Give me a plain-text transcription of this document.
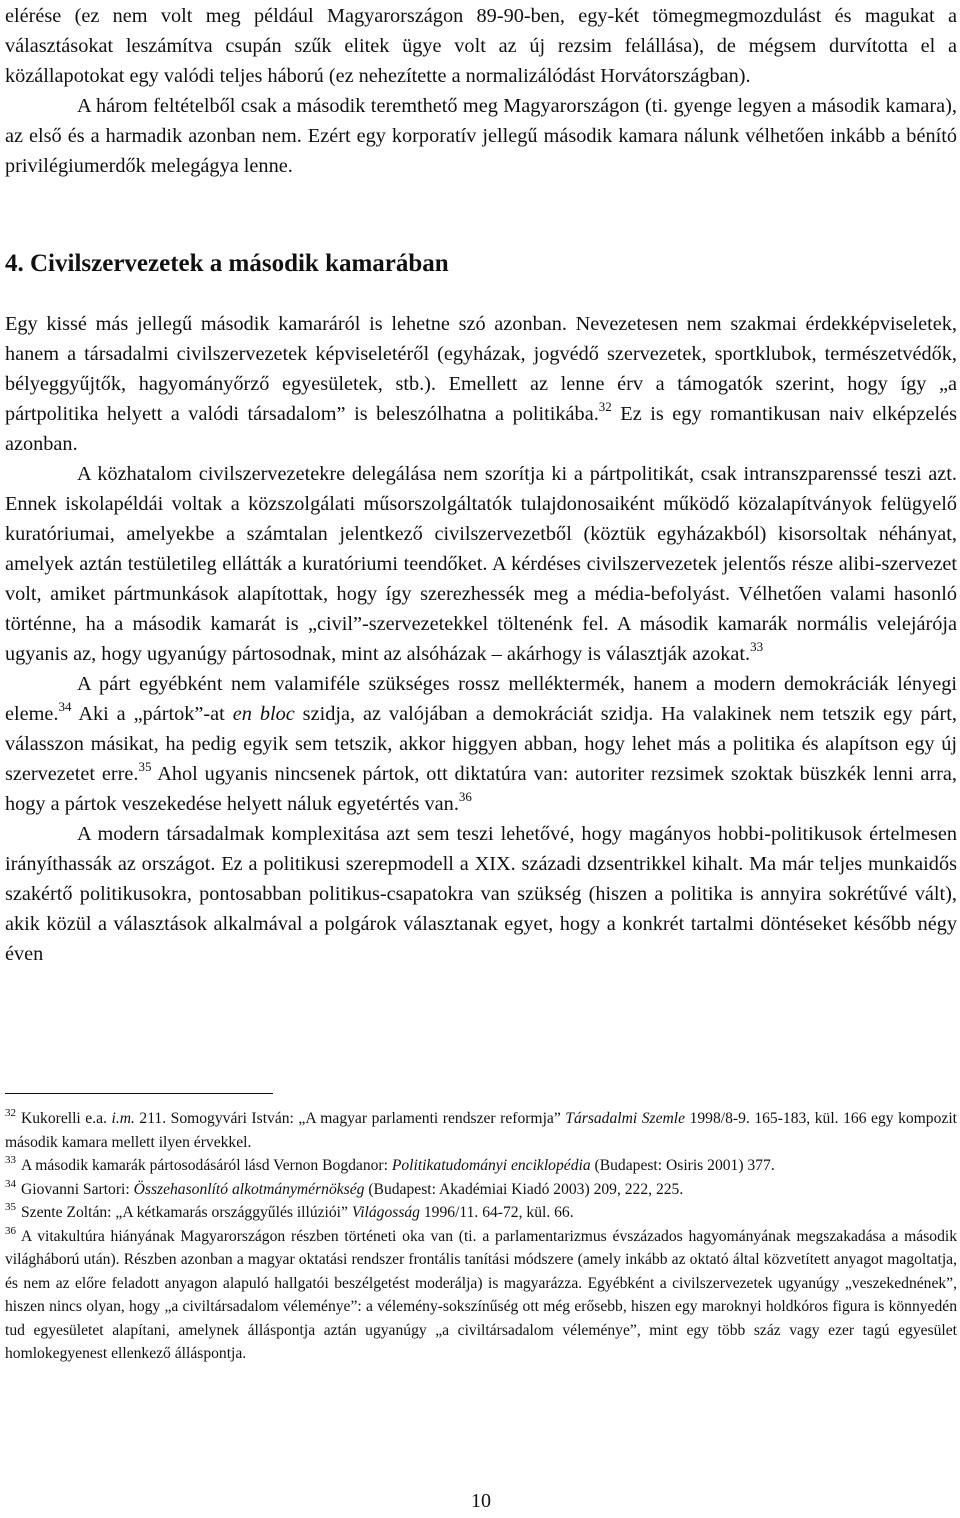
elérése (ez nem volt meg például Magyarországon 89-90-ben, egy-két tömegmegmozdulást és magukat a választásokat leszámítva csupán szűk elitek ügye volt az új rezsim felállása), de mégsem durvította el a közállapotokat egy valódi teljes háború (ez nehezítette a normalizálódást Horvátországban).

A három feltételből csak a második teremthető meg Magyarországon (ti. gyenge legyen a második kamara), az első és a harmadik azonban nem. Ezért egy korporatív jellegű második kamara nálunk vélhetően inkább a bénító privilégiumerdők melegágya lenne.

4. Civilszervezetek a második kamarában

Egy kissé más jellegű második kamaráról is lehetne szó azonban. Nevezetesen nem szakmai érdekképviseletek, hanem a társadalmi civilszervezetek képviseletéről (egyházak, jogvédő szervezetek, sportklubok, természetvédők, bélyeggyűjtők, hagyományőrző egyesületek, stb.). Emellett az lenne érv a támogatók szerint, hogy így „a pártpolitika helyett a valódi társadalom” is beleszólhatna a politikába.$^{32}$ Ez is egy romantikusan naiv elképzelés azonban.

A közhatalom civilszervezetekre delegálása nem szorítja ki a pártpolitikát, csak intranszparenssé teszi azt. Ennek iskolapéldái voltak a közszolgálati műsorszolgáltatók tulajdonosaiként működő közalapítványok felügyelő kuratóriumai, amelyekbe a számtalan jelentkező civilszervezetből (köztük egyházakból) kisorsoltak néhányat, amelyek aztán testületileg ellátták a kuratóriumi teendőket. A kérdéses civilszervezetek jelentős része alibi-szervezet volt, amiket pártmunkások alapítottak, hogy így szerezhessék meg a média-befolyást. Vélhetően valami hasonló történne, ha a második kamarát is „civil”-szervezetekkel töltenénk fel. A második kamarák normális velejárója ugyanis az, hogy ugyanúgy pártosodnak, mint az alsóházak – akárhogy is választják azokat.$^{33}$

A párt egyébként nem valamiféle szükséges rossz melléktermék, hanem a modern demokráciák lényegi eleme.$^{34}$ Aki a „pártok”-at en bloc szidja, az valójában a demokráciát szidja. Ha valakinek nem tetszik egy párt, válasszon másikat, ha pedig egyik sem tetszik, akkor higgyen abban, hogy lehet más a politika és alapítson egy új szervezetet erre.$^{35}$ Ahol ugyanis nincsenek pártok, ott diktatúra van: autoriter rezsimek szoktak büszkék lenni arra, hogy a pártok veszekedése helyett náluk egyetértés van.$^{36}$

A modern társadalmak komplexitása azt sem teszi lehetővé, hogy magányos hobbi-politikusok értelmesen irányíthassák az országot. Ez a politikusi szerepmodell a XIX. századi dzsentrikkel kihalt. Ma már teljes munkaidős szakértő politikusokra, pontosabban politikus-csapatokra van szükség (hiszen a politika is annyira sokrétűvé vált), akik közül a választások alkalmával a polgárok választanak egyet, hogy a konkrét tartalmi döntéseket később négy éven

$^{32}$ Kukorelli e.a. i.m. 211. Somogyvári István: „A magyar parlamenti rendszer reformja” Társadalmi Szemle 1998/8-9. 165-183, kül. 166 egy kompozit második kamara mellett ilyen érvekkel.

$^{33}$ A második kamarák pártosodásáról lásd Vernon Bogdanor: Politikatudományi enciklopédia (Budapest: Osiris 2001) 377.

$^{34}$ Giovanni Sartori: Összehasonlító alkotmánymérnökség (Budapest: Akadémiai Kiadó 2003) 209, 222, 225.

$^{35}$ Szente Zoltán: „A kétkamarás országgyűlés illúziói” Világosság 1996/11. 64-72, kül. 66.

$^{36}$ A vitakultúra hiányának Magyarországon részben történeti oka van (ti. a parlamentarizmus évszázados hagyományának megszakadása a második világháború után). Részben azonban a magyar oktatási rendszer frontális tanítási módszere (amely inkább az oktató által közvetített anyagot magoltatja, és nem az előre feladott anyagon alapuló hallgatói beszélgetést moderálja) is magyarázza. Egyébként a civilszervezetek ugyanúgy „veszekednének”, hiszen nincs olyan, hogy „a civiltársadalom véleménye”: a vélemény-sokszínűség ott még erősebb, hiszen egy maroknyi holdkóros figura is könnyedén tud egyesületet alapítani, amelynek álláspontja aztán ugyanúgy „a civiltársadalom véleménye”, mint egy több száz vagy ezer tagú egyesület homlokegyenest ellenkező álláspontja.

10
